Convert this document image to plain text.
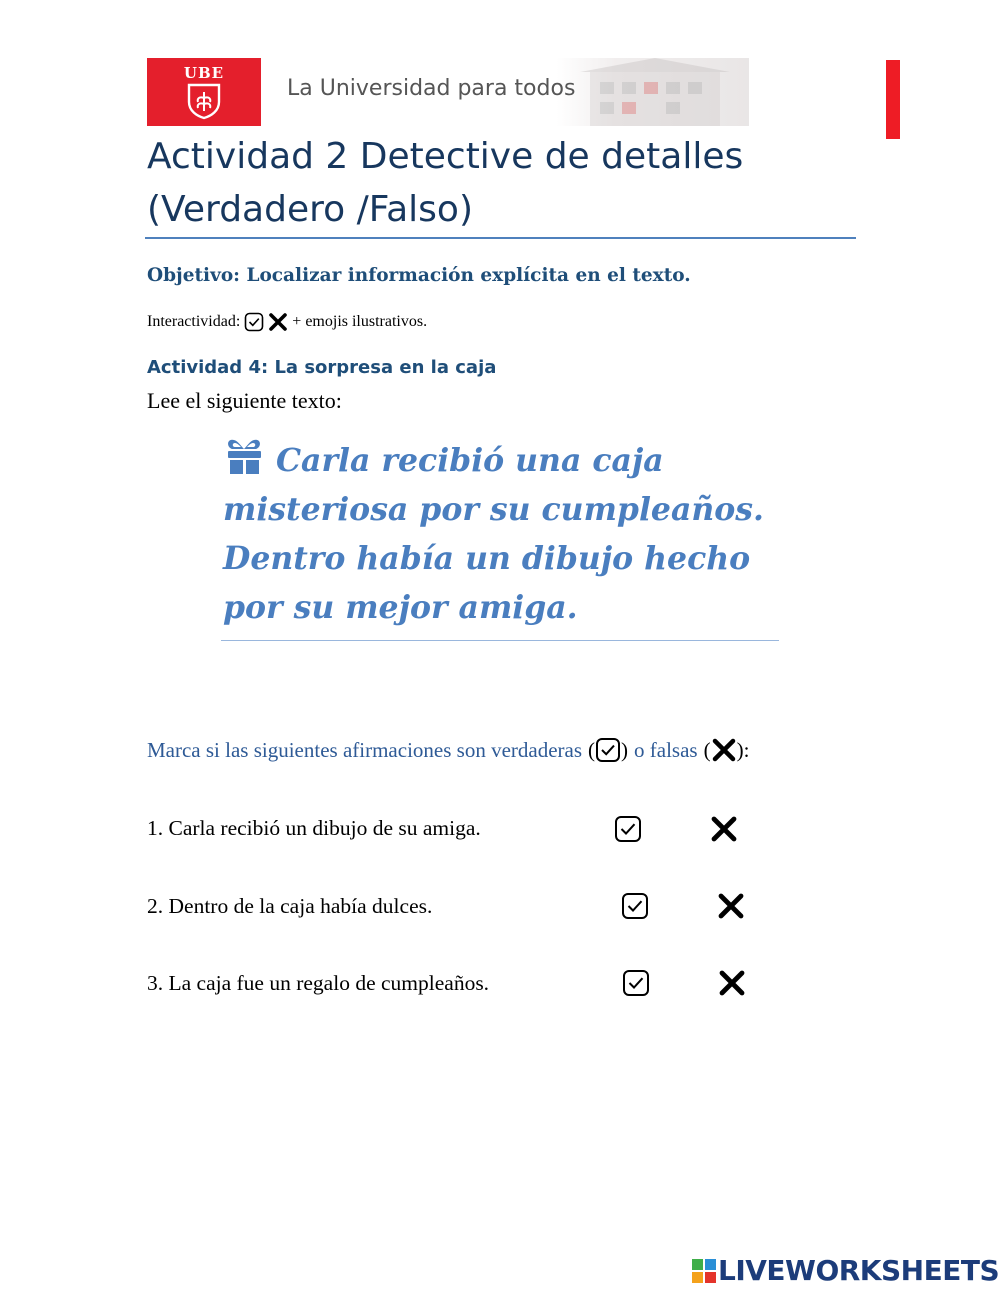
UBE
La Universidad para todos
Actividad 2 Detective de detalles (Verdadero /Falso)
Objetivo: Localizar información explícita en el texto.
Interactividad:	+ emojis ilustrativos.
Actividad 4: La sorpresa en la caja
Lee el siguiente texto:
Carla recibió una caja misteriosa por su cumpleaños. Dentro había un dibujo hecho por su mejor amiga.
Marca si las siguientes afirmaciones son verdaderas ( ) o falsas ( ):
1. Carla recibió un dibujo de su amiga.
2. Dentro de la caja había dulces.
3. La caja fue un regalo de cumpleaños.
LIVEWORKSHEETS
